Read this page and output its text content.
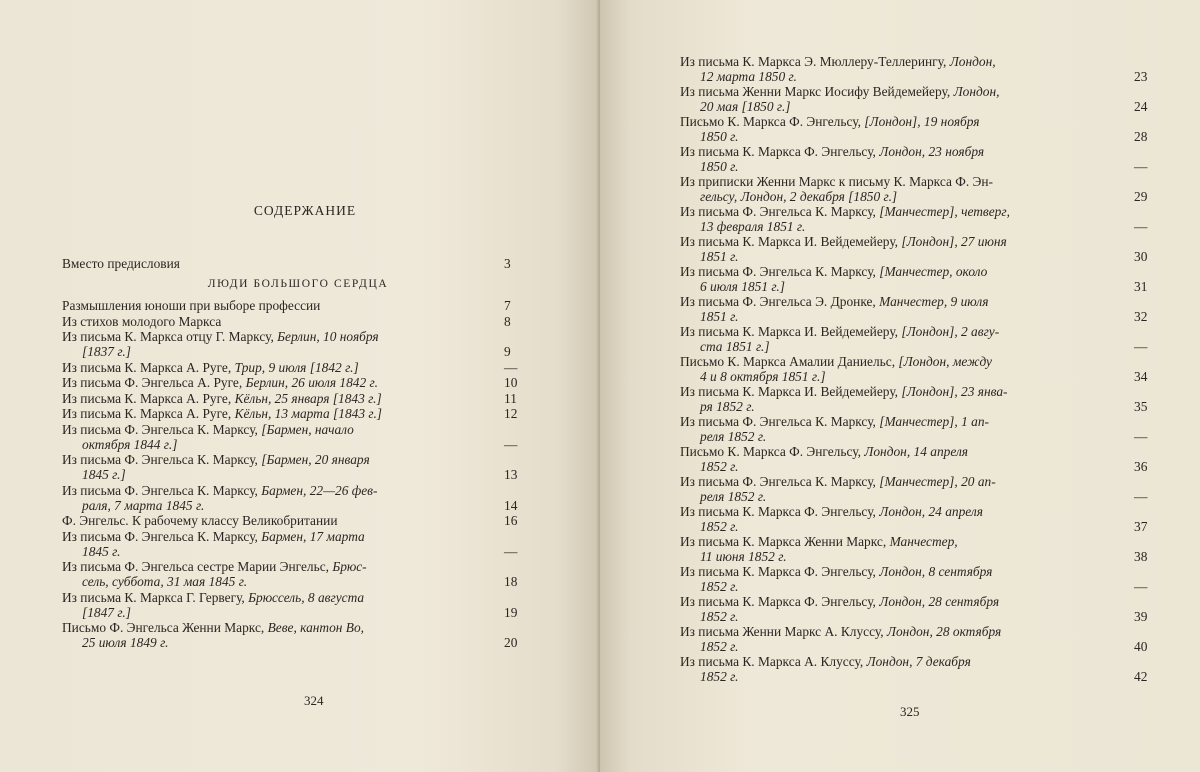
СОДЕРЖАНИЕ
Вместо предисловия	3
ЛЮДИ БОЛЬШОГО СЕРДЦА
Размышления юноши при выборе профессии	7
Из стихов молодого Маркса	8
Из письма К. Маркса отцу Г. Марксу, Берлин, 10 ноября
[1837 г.]	9
Из письма К. Маркса А. Руге, Трир, 9 июля [1842 г.]	—
Из письма Ф. Энгельса А. Руге, Берлин, 26 июля 1842 г.	10
Из письма К. Маркса А. Руге, Кёльн, 25 января [1843 г.]	11
Из письма К. Маркса А. Руге, Кёльн, 13 марта [1843 г.]	12
Из письма Ф. Энгельса К. Марксу, [Бармен, начало
октября 1844 г.]	—
Из письма Ф. Энгельса К. Марксу, [Бармен, 20 января
1845 г.]	13
Из письма Ф. Энгельса К. Марксу, Бармен, 22—26 фев-
раля, 7 марта 1845 г.	14
Ф. Энгельс. К рабочему классу Великобритании	16
Из письма Ф. Энгельса К. Марксу, Бармен, 17 марта
1845 г.	—
Из письма Ф. Энгельса сестре Марии Энгельс, Брюс-
сель, суббота, 31 мая 1845 г.	18
Из письма К. Маркса Г. Гервегу, Брюссель, 8 августа
[1847 г.]	19
Письмо Ф. Энгельса Женни Маркс, Веве, кантон Во,
25 июля 1849 г.	20
324
Из письма К. Маркса Э. Мюллеру-Теллерингу, Лондон,
12 марта 1850 г.	23
Из письма Женни Маркс Иосифу Вейдемейеру, Лондон,
20 мая [1850 г.]	24
Письмо К. Маркса Ф. Энгельсу, [Лондон], 19 ноября
1850 г.	28
Из письма К. Маркса Ф. Энгельсу, Лондон, 23 ноября
1850 г.	—
Из приписки Женни Маркс к письму К. Маркса Ф. Эн-
гельсу, Лондон, 2 декабря [1850 г.]	29
Из письма Ф. Энгельса К. Марксу, [Манчестер], четверг,
13 февраля 1851 г.	—
Из письма К. Маркса И. Вейдемейеру, [Лондон], 27 июня
1851 г.	30
Из письма Ф. Энгельса К. Марксу, [Манчестер, около
6 июля 1851 г.]	31
Из письма Ф. Энгельса Э. Дронке, Манчестер, 9 июля
1851 г.	32
Из письма К. Маркса И. Вейдемейеру, [Лондон], 2 авгу-
ста 1851 г.]	—
Письмо К. Маркса Амалии Даниельс, [Лондон, между
4 и 8 октября 1851 г.]	34
Из письма К. Маркса И. Вейдемейеру, [Лондон], 23 янва-
ря 1852 г.	35
Из письма Ф. Энгельса К. Марксу, [Манчестер], 1 ап-
реля 1852 г.	—
Письмо К. Маркса Ф. Энгельсу, Лондон, 14 апреля
1852 г.	36
Из письма Ф. Энгельса К. Марксу, [Манчестер], 20 ап-
реля 1852 г.	—
Из письма К. Маркса Ф. Энгельсу, Лондон, 24 апреля
1852 г.	37
Из письма К. Маркса Женни Маркс, Манчестер,
11 июня 1852 г.	38
Из письма К. Маркса Ф. Энгельсу, Лондон, 8 сентября
1852 г.	—
Из письма К. Маркса Ф. Энгельсу, Лондон, 28 сентября
1852 г.	39
Из письма Женни Маркс А. Клуссу, Лондон, 28 октября
1852 г.	40
Из письма К. Маркса А. Клуссу, Лондон, 7 декабря
1852 г.	42
325
